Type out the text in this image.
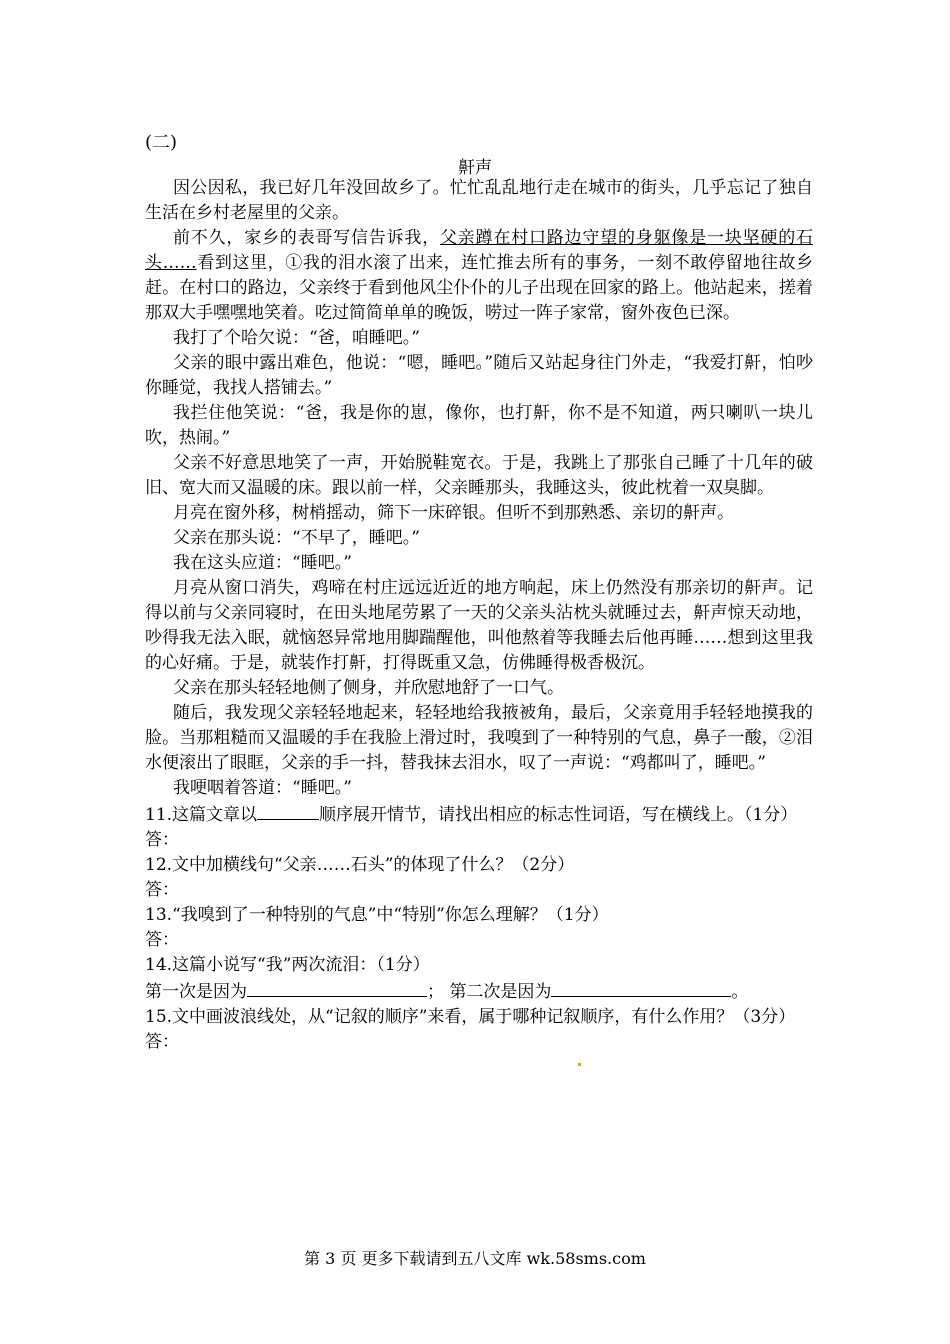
(二)
鼾声

因公因私，我已好几年没回故乡了。忙忙乱乱地行走在城市的街头，几乎忘记了独自生活在乡村老屋里的父亲。

前不久，家乡的表哥写信告诉我，父亲蹲在村口路边守望的身躯像是一块坚硬的石头……看到这里，①我的泪水滚了出来，连忙推去所有的事务，一刻不敢停留地往故乡赶。在村口的路边，父亲终于看到他风尘仆仆的儿子出现在回家的路上。他站起来，搓着那双大手嘿嘿地笑着。吃过简简单单的晚饭，唠过一阵子家常，窗外夜色已深。

我打了个哈欠说：“爸，咱睡吧。”

父亲的眼中露出难色，他说：“嗯，睡吧。”随后又站起身往门外走，“我爱打鼾，怕吵你睡觉，我找人搭铺去。”

我拦住他笑说：“爸，我是你的崽，像你，也打鼾，你不是不知道，两只喇叭一块儿吹，热闹。”

父亲不好意思地笑了一声，开始脱鞋宽衣。于是，我跳上了那张自己睡了十几年的破旧、宽大而又温暖的床。跟以前一样，父亲睡那头，我睡这头，彼此枕着一双臭脚。

月亮在窗外移，树梢摇动，筛下一床碎银。但听不到那熟悉、亲切的鼾声。

父亲在那头说：“不早了，睡吧。”

我在这头应道：“睡吧。”

月亮从窗口消失，鸡啼在村庄远远近近的地方响起，床上仍然没有那亲切的鼾声。记得以前与父亲同寝时，在田头地尾劳累了一天的父亲头沾枕头就睡过去，鼾声惊天动地，吵得我无法入眠，就恼怒异常地用脚踹醒他，叫他熬着等我睡去后他再睡……想到这里我的心好痛。于是，就装作打鼾，打得既重又急，仿佛睡得极香极沉。

父亲在那头轻轻地侧了侧身，并欣慰地舒了一口气。

随后，我发现父亲轻轻地起来，轻轻地给我掖被角，最后，父亲竟用手轻轻地摸我的脸。当那粗糙而又温暖的手在我脸上滑过时，我嗅到了一种特别的气息，鼻子一酸，②泪水便滚出了眼眶，父亲的手一抖，替我抹去泪水，叹了一声说：“鸡都叫了，睡吧。”

我哽咽着答道：“睡吧。”

11.这篇文章以	顺序展开情节，请找出相应的标志性词语，写在横线上。（1分）

答：

12.文中加横线句“父亲……石头”的体现了什么？（2分）

答：

13.“我嗅到了一种特别的气息”中“特别”你怎么理解？（1分）

答：

14.这篇小说写“我”两次流泪：（1分）

第一次是因为	； 第二次是因为	。

15.文中画波浪线处，从“记叙的顺序”来看，属于哪种记叙顺序，有什么作用？（3分）

答：

第 3 页 更多下载请到五八文库 wk.58sms.com
